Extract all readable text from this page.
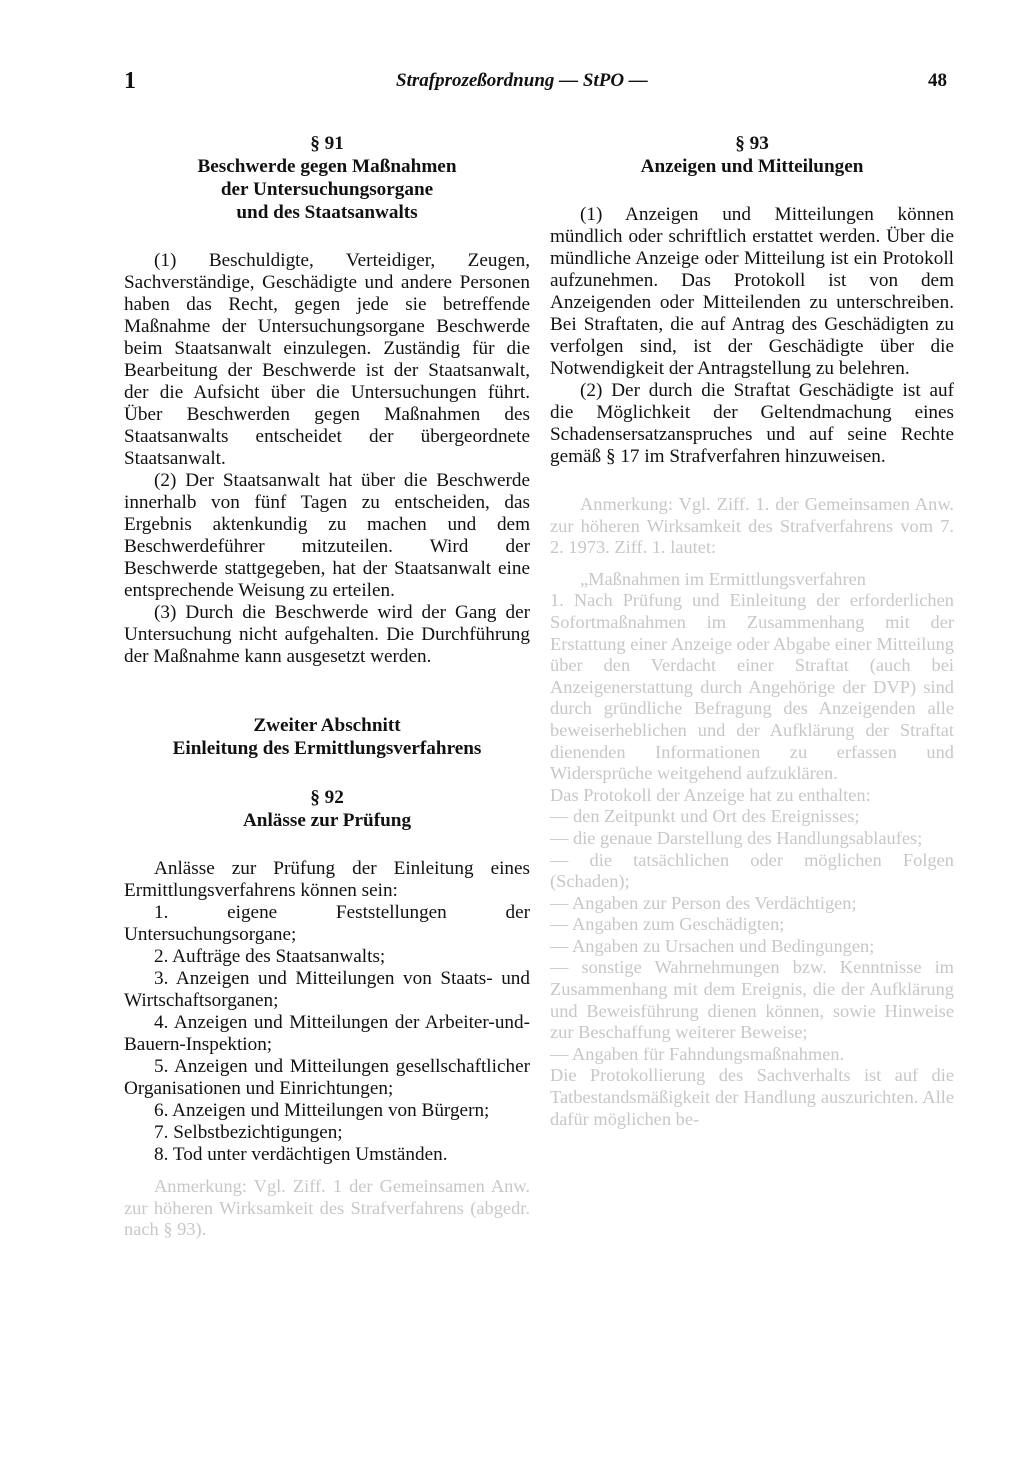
1	Strafprozeßordnung — StPO —	48
§ 91
Beschwerde gegen Maßnahmen
der Untersuchungsorgane
und des Staatsanwalts

(1) Beschuldigte, Verteidiger, Zeugen, Sachverständige, Geschädigte und andere Personen haben das Recht, gegen jede sie betreffende Maßnahme der Untersuchungsorgane Beschwerde beim Staatsanwalt einzulegen. Zuständig für die Bearbeitung der Beschwerde ist der Staatsanwalt, der die Aufsicht über die Untersuchungen führt. Über Beschwerden gegen Maßnahmen des Staatsanwalts entscheidet der übergeordnete Staatsanwalt.

(2) Der Staatsanwalt hat über die Beschwerde innerhalb von fünf Tagen zu entscheiden, das Ergebnis aktenkundig zu machen und dem Beschwerdeführer mitzuteilen. Wird der Beschwerde stattgegeben, hat der Staatsanwalt eine entsprechende Weisung zu erteilen.

(3) Durch die Beschwerde wird der Gang der Untersuchung nicht aufgehalten. Die Durchführung der Maßnahme kann ausgesetzt werden.

Zweiter Abschnitt
Einleitung des Ermittlungsverfahrens
§ 92
Anlässe zur Prüfung

Anlässe zur Prüfung der Einleitung eines Ermittlungsverfahrens können sein:

1. eigene Feststellungen der Untersuchungsorgane;

2. Aufträge des Staatsanwalts;

3. Anzeigen und Mitteilungen von Staats- und Wirtschaftsorganen;

4. Anzeigen und Mitteilungen der Arbeiter-und-Bauern-Inspektion;

5. Anzeigen und Mitteilungen gesellschaftlicher Organisationen und Einrichtungen;

6. Anzeigen und Mitteilungen von Bürgern;

7. Selbstbezichtigungen;

8. Tod unter verdächtigen Umständen.

Anmerkung: Vgl. Ziff. 1 der Gemeinsamen Anw. zur höheren Wirksamkeit des Strafverfahrens (abgedr. nach § 93).

§ 93
Anzeigen und Mitteilungen

(1) Anzeigen und Mitteilungen können mündlich oder schriftlich erstattet werden. Über die mündliche Anzeige oder Mitteilung ist ein Protokoll aufzunehmen. Das Protokoll ist von dem Anzeigenden oder Mitteilenden zu unterschreiben. Bei Straftaten, die auf Antrag des Geschädigten zu verfolgen sind, ist der Geschädigte über die Notwendigkeit der Antragstellung zu belehren.

(2) Der durch die Straftat Geschädigte ist auf die Möglichkeit der Geltendmachung eines Schadensersatzanspruches und auf seine Rechte gemäß § 17 im Strafverfahren hinzuweisen.

Anmerkung: Vgl. Ziff. 1. der Gemeinsamen Anw. zur höheren Wirksamkeit des Strafverfahrens vom 7. 2. 1973. Ziff. 1. lautet:

„Maßnahmen im Ermittlungsverfahren

1. Nach Prüfung und Einleitung der erforderlichen Sofortmaßnahmen im Zusammenhang mit der Erstattung einer Anzeige oder Abgabe einer Mitteilung über den Verdacht einer Straftat (auch bei Anzeigenerstattung durch Angehörige der DVP) sind durch gründliche Befragung des Anzeigenden alle beweiserheblichen und der Aufklärung der Straftat dienenden Informationen zu erfassen und Widersprüche weitgehend aufzuklären.

Das Protokoll der Anzeige hat zu enthalten:

— den Zeitpunkt und Ort des Ereignisses;

— die genaue Darstellung des Handlungsablaufes;

— die tatsächlichen oder möglichen Folgen (Schaden);

— Angaben zur Person des Verdächtigen;

— Angaben zum Geschädigten;

— Angaben zu Ursachen und Bedingungen;

— sonstige Wahrnehmungen bzw. Kenntnisse im Zusammenhang mit dem Ereignis, die der Aufklärung und Beweisführung dienen können, sowie Hinweise zur Beschaffung weiterer Beweise;

— Angaben für Fahndungsmaßnahmen.

Die Protokollierung des Sachverhalts ist auf die Tatbestandsmäßigkeit der Handlung auszurichten. Alle dafür möglichen be-
